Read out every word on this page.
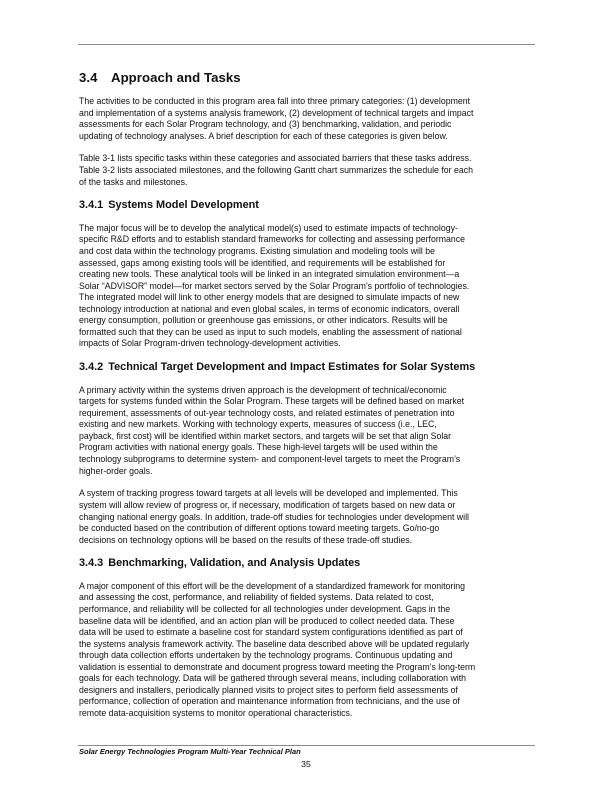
3.4 Approach and Tasks

The activities to be conducted in this program area fall into three primary categories: (1) development
and implementation of a systems analysis framework, (2) development of technical targets and impact
assessments for each Solar Program technology, and (3) benchmarking, validation, and periodic
updating of technology analyses. A brief description for each of these categories is given below.

Table 3-1 lists specific tasks within these categories and associated barriers that these tasks address.
Table 3-2 lists associated milestones, and the following Gantt chart summarizes the schedule for each
of the tasks and milestones.

3.4.1 Systems Model Development

The major focus will be to develop the analytical model(s) used to estimate impacts of technology-
specific R&D efforts and to establish standard frameworks for collecting and assessing performance
and cost data within the technology programs. Existing simulation and modeling tools will be
assessed, gaps among existing tools will be identified, and requirements will be established for
creating new tools. These analytical tools will be linked in an integrated simulation environment—a
Solar “ADVISOR” model—for market sectors served by the Solar Program’s portfolio of technologies.
The integrated model will link to other energy models that are designed to simulate impacts of new
technology introduction at national and even global scales, in terms of economic indicators, overall
energy consumption, pollution or greenhouse gas emissions, or other indicators. Results will be
formatted such that they can be used as input to such models, enabling the assessment of national
impacts of Solar Program-driven technology-development activities.

3.4.2 Technical Target Development and Impact Estimates for Solar Systems

A primary activity within the systems driven approach is the development of technical/economic
targets for systems funded within the Solar Program. These targets will be defined based on market
requirement, assessments of out-year technology costs, and related estimates of penetration into
existing and new markets. Working with technology experts, measures of success (i.e., LEC,
payback, first cost) will be identified within market sectors, and targets will be set that align Solar
Program activities with national energy goals. These high-level targets will be used within the
technology subprograms to determine system- and component-level targets to meet the Program’s
higher-order goals.

A system of tracking progress toward targets at all levels will be developed and implemented. This
system will allow review of progress or, if necessary, modification of targets based on new data or
changing national energy goals. In addition, trade-off studies for technologies under development will
be conducted based on the contribution of different options toward meeting targets. Go/no-go
decisions on technology options will be based on the results of these trade-off studies.

3.4.3 Benchmarking, Validation, and Analysis Updates

A major component of this effort will be the development of a standardized framework for monitoring
and assessing the cost, performance, and reliability of fielded systems. Data related to cost,
performance, and reliability will be collected for all technologies under development. Gaps in the
baseline data will be identified, and an action plan will be produced to collect needed data. These
data will be used to estimate a baseline cost for standard system configurations identified as part of
the systems analysis framework activity. The baseline data described above will be updated regularly
through data collection efforts undertaken by the technology programs. Continuous updating and
validation is essential to demonstrate and document progress toward meeting the Program’s long-term
goals for each technology. Data will be gathered through several means, including collaboration with
designers and installers, periodically planned visits to project sites to perform field assessments of
performance, collection of operation and maintenance information from technicians, and the use of
remote data-acquisition systems to monitor operational characteristics.

Solar Energy Technologies Program Multi-Year Technical Plan
35
